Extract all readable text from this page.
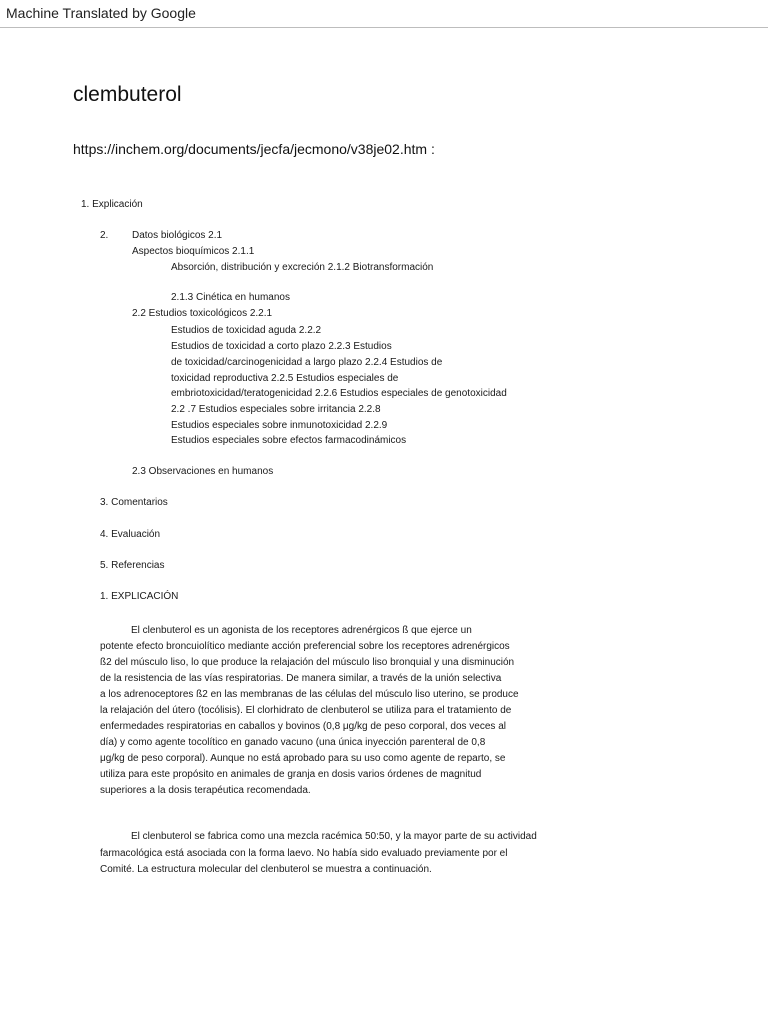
Machine Translated by Google
clembuterol
https://inchem.org/documents/jecfa/jecmono/v38je02.htm :
1. Explicación
2. Datos biológicos 2.1
Aspectos bioquímicos 2.1.1
Absorción, distribución y excreción 2.1.2 Biotransformación
2.1.3 Cinética en humanos
2.2 Estudios toxicológicos 2.2.1
Estudios de toxicidad aguda 2.2.2
Estudios de toxicidad a corto plazo 2.2.3 Estudios
de toxicidad/carcinogenicidad a largo plazo 2.2.4 Estudios de
toxicidad reproductiva 2.2.5 Estudios especiales de
embriotoxicidad/teratogenicidad 2.2.6 Estudios especiales de genotoxicidad
2.2 .7 Estudios especiales sobre irritancia 2.2.8
Estudios especiales sobre inmunotoxicidad 2.2.9
Estudios especiales sobre efectos farmacodinámicos
2.3 Observaciones en humanos
3. Comentarios
4. Evaluación
5. Referencias
1. EXPLICACIÓN
El clenbuterol es un agonista de los receptores adrenérgicos ß que ejerce un
potente efecto broncuiolítico mediante acción preferencial sobre los receptores adrenérgicos
ß2 del músculo liso, lo que produce la relajación del músculo liso bronquial y una disminución
de la resistencia de las vías respiratorias. De manera similar, a través de la unión selectiva
a los adrenoceptores ß2 en las membranas de las células del músculo liso uterino, se produce
la relajación del útero (tocólisis). El clorhidrato de clenbuterol se utiliza para el tratamiento de
enfermedades respiratorias en caballos y bovinos (0,8 μg/kg de peso corporal, dos veces al
día) y como agente tocolítico en ganado vacuno (una única inyección parenteral de 0,8
μg/kg de peso corporal). Aunque no está aprobado para su uso como agente de reparto, se
utiliza para este propósito en animales de granja en dosis varios órdenes de magnitud
superiores a la dosis terapéutica recomendada.
El clenbuterol se fabrica como una mezcla racémica 50:50, y la mayor parte de su actividad
farmacológica está asociada con la forma laevo. No había sido evaluado previamente por el
Comité. La estructura molecular del clenbuterol se muestra a continuación.
